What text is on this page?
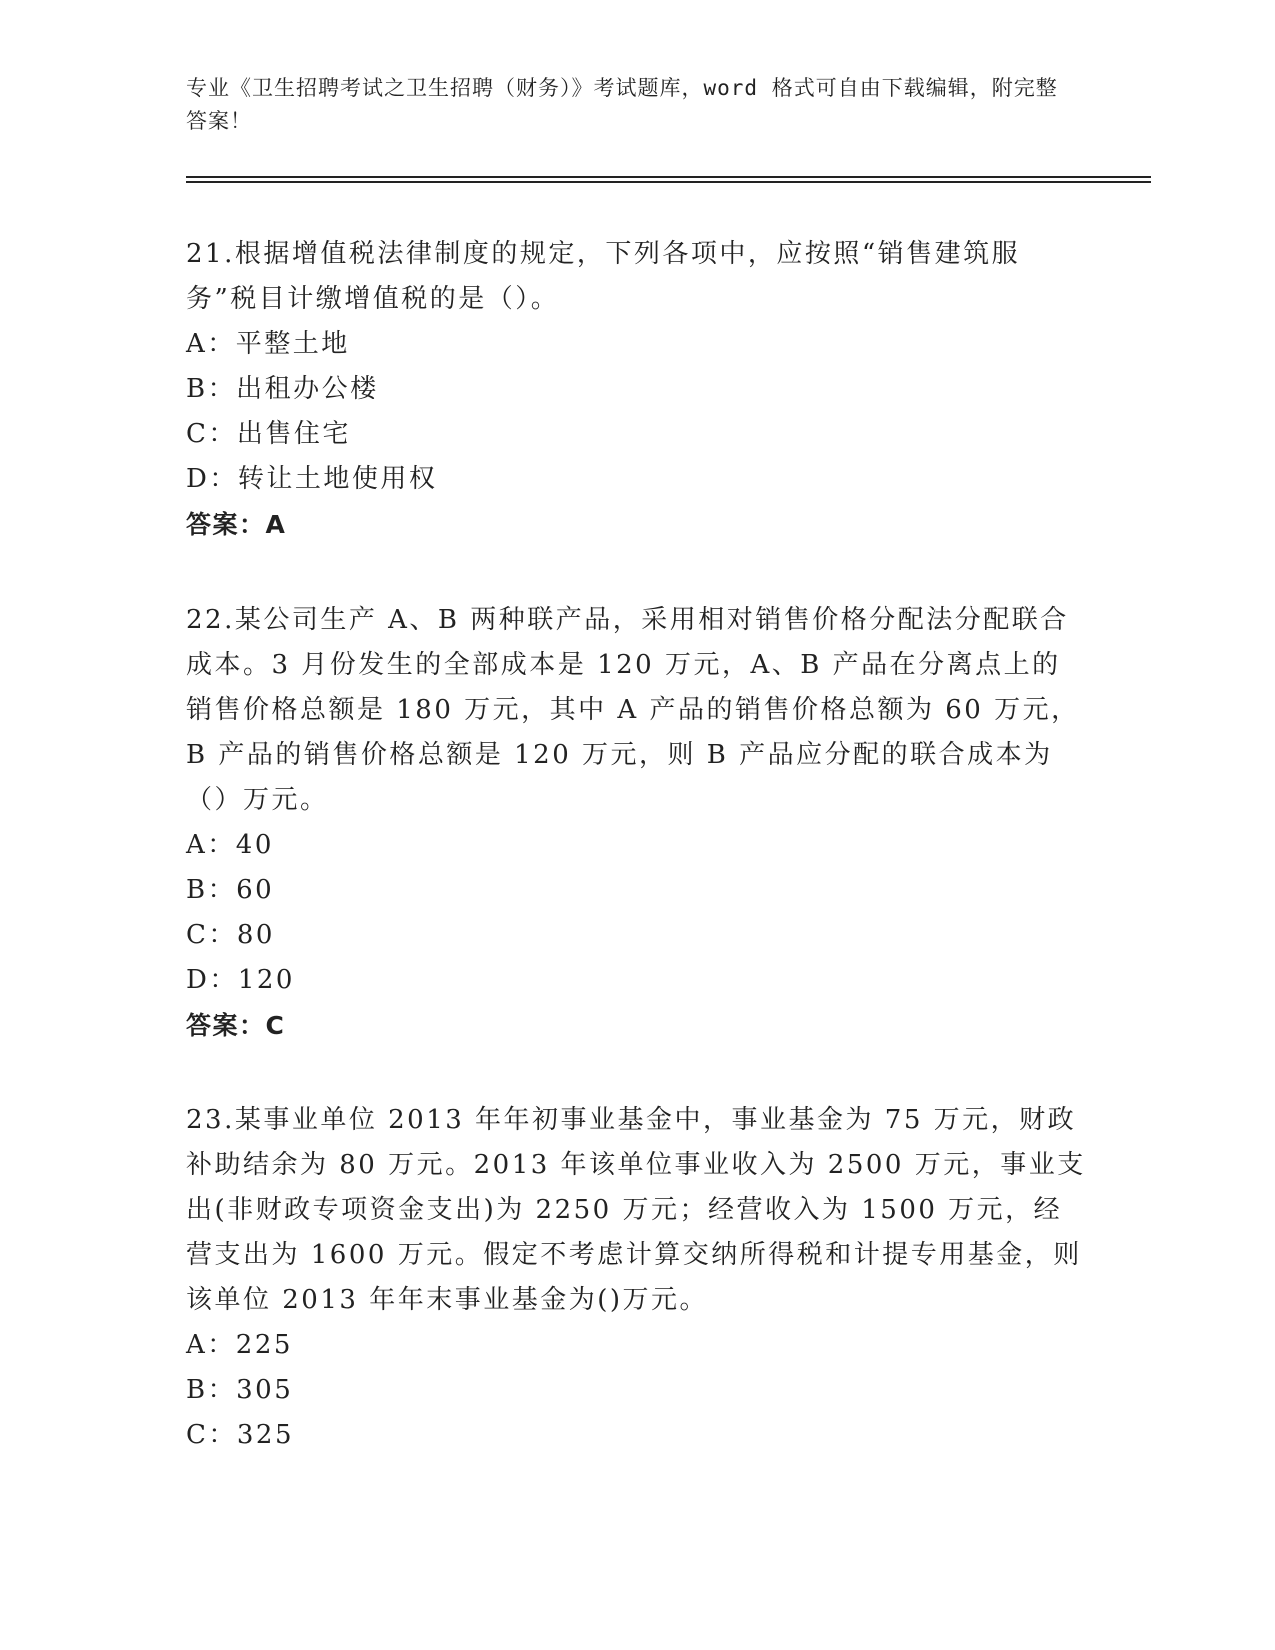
专业《卫生招聘考试之卫生招聘（财务）》考试题库，word 格式可自由下载编辑，附完整答案！

21.根据增值税法律制度的规定，下列各项中，应按照“销售建筑服务”税目计缴增值税的是（）。

A：平整土地

B：出租办公楼

C：出售住宅

D：转让土地使用权

答案：A

22.某公司生产 A、B 两种联产品，采用相对销售价格分配法分配联合成本。3 月份发生的全部成本是 120 万元，A、B 产品在分离点上的销售价格总额是 180 万元，其中 A 产品的销售价格总额为 60 万元，B 产品的销售价格总额是 120 万元，则 B 产品应分配的联合成本为（）万元。

A：40

B：60

C：80

D：120

答案：C

23.某事业单位 2013 年年初事业基金中，事业基金为 75 万元，财政补助结余为 80 万元。2013 年该单位事业收入为 2500 万元，事业支出(非财政专项资金支出)为 2250 万元；经营收入为 1500 万元，经营支出为 1600 万元。假定不考虑计算交纳所得税和计提专用基金，则该单位 2013 年年末事业基金为()万元。

A：225

B：305

C：325
